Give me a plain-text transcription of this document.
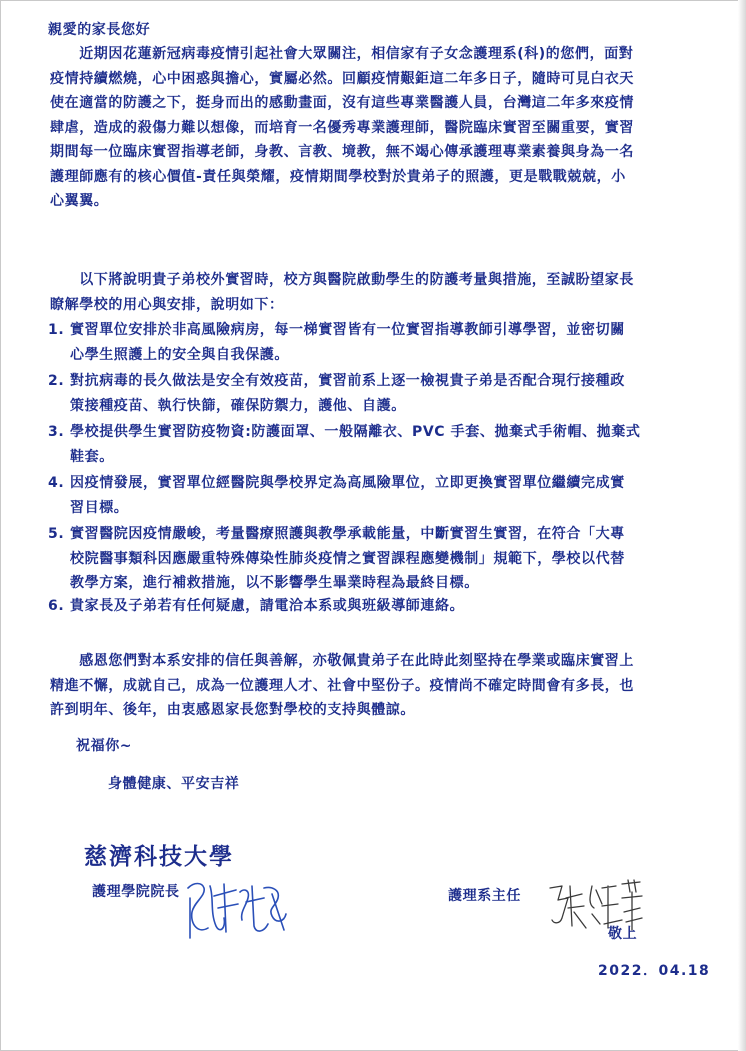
親愛的家長您好
　　近期因花蓮新冠病毒疫情引起社會大眾關注，相信家有子女念護理系(科)的您們，面對
疫情持續燃燒，心中困惑與擔心，實屬必然。回顧疫情艱鉅這二年多日子，隨時可見白衣天
使在適當的防護之下，挺身而出的感動畫面，沒有這些專業醫護人員，台灣這二年多來疫情
肆虐，造成的殺傷力難以想像，而培育一名優秀專業護理師，醫院臨床實習至關重要，實習
期間每一位臨床實習指導老師，身教、言教、境教，無不竭心傳承護理專業素養與身為一名
護理師應有的核心價值-責任與榮耀，疫情期間學校對於貴弟子的照護，更是戰戰兢兢，小
心翼翼。
　　以下將說明貴子弟校外實習時，校方與醫院啟動學生的防護考量與措施，至誠盼望家長
瞭解學校的用心與安排，說明如下：
1. 實習單位安排於非高風險病房，每一梯實習皆有一位實習指導教師引導學習，並密切關
心學生照護上的安全與自我保護。
2. 對抗病毒的長久做法是安全有效疫苗，實習前系上逐一檢視貴子弟是否配合現行接種政
策接種疫苗、執行快篩，確保防禦力，護他、自護。
3. 學校提供學生實習防疫物資:防護面罩、一般隔離衣、PVC 手套、拋棄式手術帽、拋棄式
鞋套。
4. 因疫情發展，實習單位經醫院與學校界定為高風險單位，立即更換實習單位繼續完成實
習目標。
5. 實習醫院因疫情嚴峻，考量醫療照護與教學承載能量，中斷實習生實習，在符合「大專
校院醫事類科因應嚴重特殊傳染性肺炎疫情之實習課程應變機制」規範下，學校以代替
教學方案，進行補救措施，以不影響學生畢業時程為最終目標。
6. 貴家長及子弟若有任何疑慮，請電洽本系或與班級導師連絡。
　　感恩您們對本系安排的信任與善解，亦敬佩貴弟子在此時此刻堅持在學業或臨床實習上
精進不懈，成就自己，成為一位護理人才、社會中堅份子。疫情尚不確定時間會有多長，也
許到明年、後年，由衷感恩家長您對學校的支持與體諒。
祝福你~
身體健康、平安吉祥
慈濟科技大學
護理學院院長	護理系主任
敬上
2022．04.18
